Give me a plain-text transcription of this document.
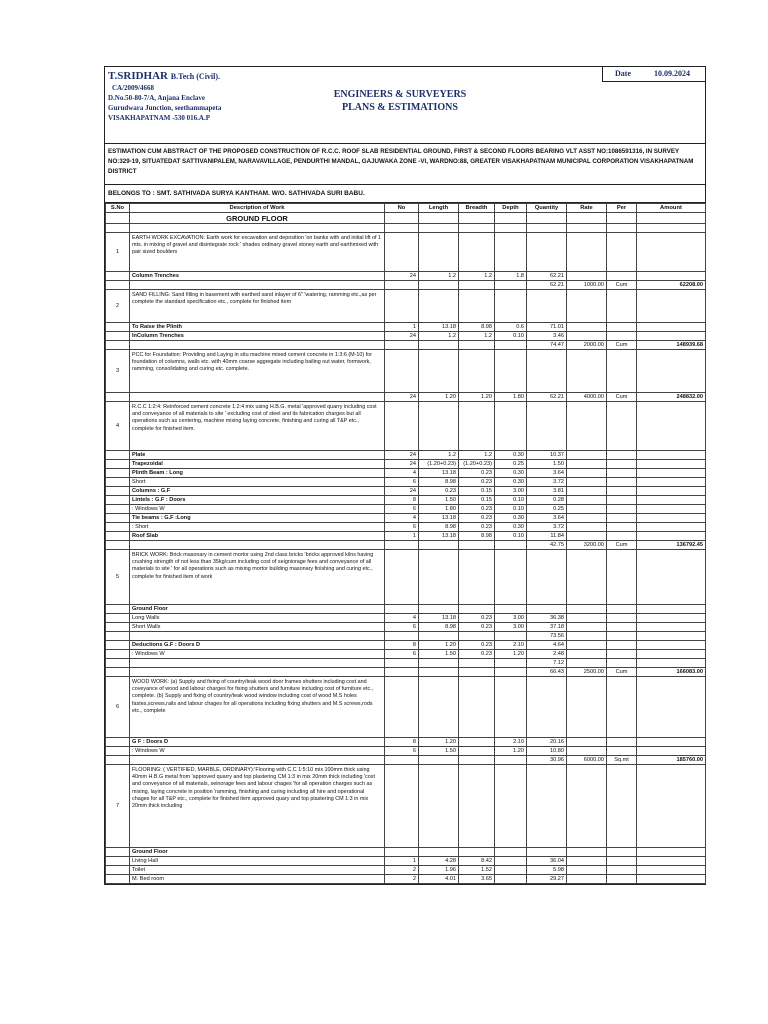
T.SRIDHAR B.Tech (Civil).
CA/2009/4668
D.No.50-80-7/A, Anjana Enclave
Gurudwara Junction, seethammapeta
VISAKHAPATNAM -530 016.A.P
ENGINEERS & SURVEYERS
PLANS & ESTIMATIONS
Date	10.09.2024
ESTIMATION CUM ABSTRACT OF THE PROPOSED CONSTRUCTION OF R.C.C. ROOF SLAB RESIDENTIAL GROUND, FIRST & SECOND FLOORS BEARING VLT ASST NO:1086591316, IN SURVEY NO:329-19, SITUATEDAT SATTIVANIPALEM, NARAVAVILLAGE, PENDURTHI MANDAL, GAJUWAKA ZONE -VI, WARDNO:88, GREATER VISAKHAPATNAM MUNICIPAL CORPORATION VISAKHAPATNAM DISTRICT
BELONGS TO : SMT. SATHIVADA SURYA KANTHAM. W/O. SATHIVADA SURI BABU.
S.No	Description of Work	No	Length	Breadth	Depth	Quantity	Rate	Per	Amount
	GROUND FLOOR								

1	EARTH WORK EXCAVATION: Earth work for excavation and deposition 'on banks with and initial lift of 1 mts. in mixing of gravel and disintegrate rock ' shades ordinary gravel stoney earth and earthmixed with pair sized boulders								
	Column Trenches	24	1.2	1.2	1.8	62.21			
						62.21	1000.00	Cum	62208.00
2	SAND FILLING: Sand filling in basement with earthed sand inlayer of 6" 'watering, ramming etc.,as per complete the standard specification etc., complete for finished item								
	To Raise the Plinth	1	13.18	8.98	0.6	71.01			
	InColumn Trenches	24	1.2	1.2	0.10	3.46			
						74.47	2000.00	Cum	148939.68
3	PCC for Foundation: Providing and Laying in situ machine mixed cement concrete in 1:3:6 (M-10) for foundation of columns, walls etc. with 40mm coarse aggregate including bailing out water, formwork, ramming, consolidating and curing etc. complete.								
		24	1.20	1.20	1.80	62.21	4000.00	Cum	248832.00
4	R.C.C 1:2:4: Reinforced cement concrete 1:2:4 mix using H.B.G. metal 'approved quarry including cost and conveyance of all materials to site ' excluding cost of steel and its fabrication charges but all operations such as centering, machine mixing laying concrete, finishing and curing all T&P etc., complete for finished item.								
	Plate	24	1.2	1.2	0.30	10.37			
	Trapezoidal	24	(1.20+0.23)	(1.20+0.23)	0.25	1.50			
	Plinth Beam : Long	4	13.18	0.23	0.30	3.64			
	Short	6	8.98	0.23	0.30	3.72			
	Columns : G.F	24	0.23	0.15	3.00	3.81			
	Lintels : G.F : Doors	8	1.50	0.15	0.10	0.28			
	: Windows W	6	1.80	0.23	0.10	0.25			
	Tie beams : G.F :Long	4	13.18	0.23	0.30	3.64			
	: Short	6	8.98	0.23	0.30	3.72			
	Roof Slab	1	13.18	8.98	0.10	11.84			
						42.75	3200.00	Cum	136792.45
5	BRICK WORK: Brick masonary in cement mortor using 2nd class bricks 'bricks approved kilns having crushing strength of not less than 35kg/cum including cost of seigniorage fees and conveyance of all materials to site ' for all operations such as mixing mortor building masonary finishing and curing etc., complete for finished item of work								
	Ground Floor								
	Long Walls	4	13.18	0.23	3.00	36.38			
	Short Walls	6	8.98	0.23	3.00	37.18			
						73.56			
	Deductions G.F : Doors D	8	1.20	0.23	2.10	4.64			
	: Windows W	6	1.50	0.23	1.20	2.48			
						7.12			
						66.43	2500.00	Cum	166083.00
6	WOOD WORK: (a) Supply and fixing of country/teak wood door frames shutters including cost and coveyance of wood and labour charges for fixing shutters and furniture including cost of furniture etc., complete. (b) Supply and fixing of country/teak wood window including cost of wood M.S holes fastes,screws,rails and labour chages for all operations including fixing shutters and M.S screws,rods etc., complete								
	G F : Doors D	8	1.20		2.10	20.16			
	: Windows W	6	1.50		1.20	10.80			
						30.96	6000.00	Sq.mt	185760.00
7	FLOORING: ( VERTIFIED, MARBLE, ORDINARY):'Flooring with C.C 1:5:10 mix 100mm thick using 40mm H.B.G metal from 'approved quarry and top plastering CM 1:3 in mix 20mm thick including 'cost and conveyance of all materials, seinorage fees and labour chages 'for all operation charges such as mixing, laying concrete in position 'ramming, finishing and curing including all hire and operational chages for all T&P etc., complete for finished item approved quary and top plastering CM 1:3 in mix 20mm thick including								
	Ground Floor								
	Living Hall	1	4.28	8.42		36.04			
	Toilet	2	1.96	1.52		5.98			
	M. Bed room	2	4.01	3.65		29.27			
